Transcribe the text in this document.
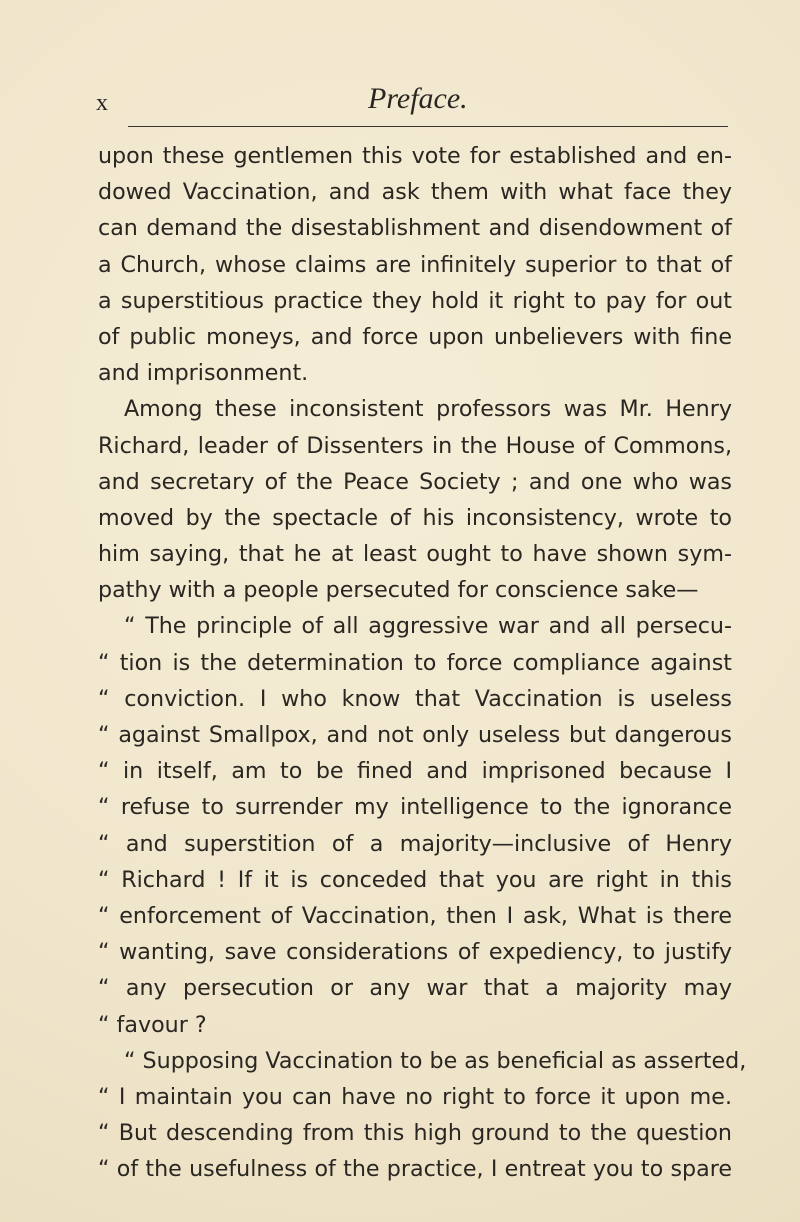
x	Preface.
upon these gentlemen this vote for established and en-
dowed Vaccination, and ask them with what face they
can demand the disestablishment and disendowment of
a Church, whose claims are infinitely superior to that of
a superstitious practice they hold it right to pay for out
of public moneys, and force upon unbelievers with fine
and imprisonment.
Among these inconsistent professors was Mr. Henry
Richard, leader of Dissenters in the House of Commons,
and secretary of the Peace Society ; and one who was
moved by the spectacle of his inconsistency, wrote to
him saying, that he at least ought to have shown sym-
pathy with a people persecuted for conscience sake—
“ The principle of all aggressive war and all persecu-
“ tion is the determination to force compliance against
“ conviction. I who know that Vaccination is useless
“ against Smallpox, and not only useless but dangerous
“ in itself, am to be fined and imprisoned because I
“ refuse to surrender my intelligence to the ignorance
“ and superstition of a majority—inclusive of Henry
“ Richard ! If it is conceded that you are right in this
“ enforcement of Vaccination, then I ask, What is there
“ wanting, save considerations of expediency, to justify
“ any persecution or any war that a majority may
“ favour ?
“ Supposing Vaccination to be as beneficial as asserted,
“ I maintain you can have no right to force it upon me.
“ But descending from this high ground to the question
“ of the usefulness of the practice, I entreat you to spare
